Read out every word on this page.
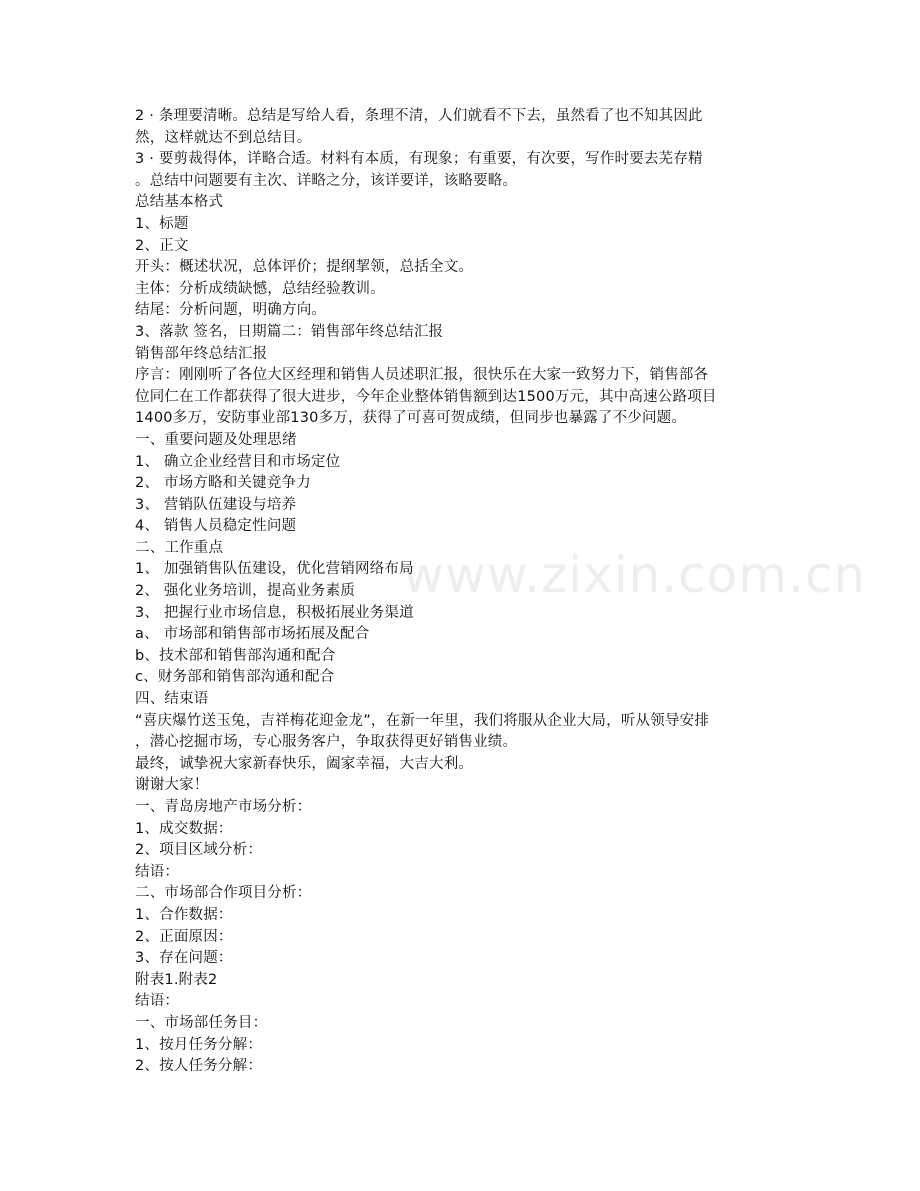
www.zixin.com.cn
2 · 条理要清晰。总结是写给人看，条理不清，人们就看不下去，虽然看了也不知其因此
然，这样就达不到总结目。
3 · 要剪裁得体，详略合适。材料有本质，有现象；有重要，有次要，写作时要去芜存精
。总结中问题要有主次、详略之分，该详要详，该略要略。
总结基本格式
1、标题
2、正文
开头：概述状况，总体评价；提纲挈领，总括全文。
主体：分析成绩缺憾，总结经验教训。
结尾：分析问题，明确方向。
3、落款 签名，日期篇二：销售部年终总结汇报
销售部年终总结汇报
序言：刚刚听了各位大区经理和销售人员述职汇报，很快乐在大家一致努力下，销售部各
位同仁在工作都获得了很大进步，今年企业整体销售额到达1500万元，其中高速公路项目
1400多万，安防事业部130多万，获得了可喜可贺成绩，但同步也暴露了不少问题。
一、重要问题及处理思绪
1、 确立企业经营目和市场定位
2、 市场方略和关键竞争力
3、 营销队伍建设与培养
4、 销售人员稳定性问题
二、工作重点
1、 加强销售队伍建设，优化营销网络布局
2、 强化业务培训，提高业务素质
3、 把握行业市场信息，积极拓展业务渠道
a、 市场部和销售部市场拓展及配合
b、技术部和销售部沟通和配合
c、财务部和销售部沟通和配合
四、结束语
“喜庆爆竹送玉兔，吉祥梅花迎金龙”，在新一年里，我们将服从企业大局，听从领导安排
，潜心挖掘市场，专心服务客户，争取获得更好销售业绩。
最终，诚挚祝大家新春快乐，阖家幸福，大吉大利。
谢谢大家！
一、青岛房地产市场分析：
1、成交数据：
2、项目区域分析：
结语：
二、市场部合作项目分析：
1、合作数据：
2、正面原因：
3、存在问题：
附表1.附表2
结语：
一、市场部任务目：
1、按月任务分解：
2、按人任务分解：
